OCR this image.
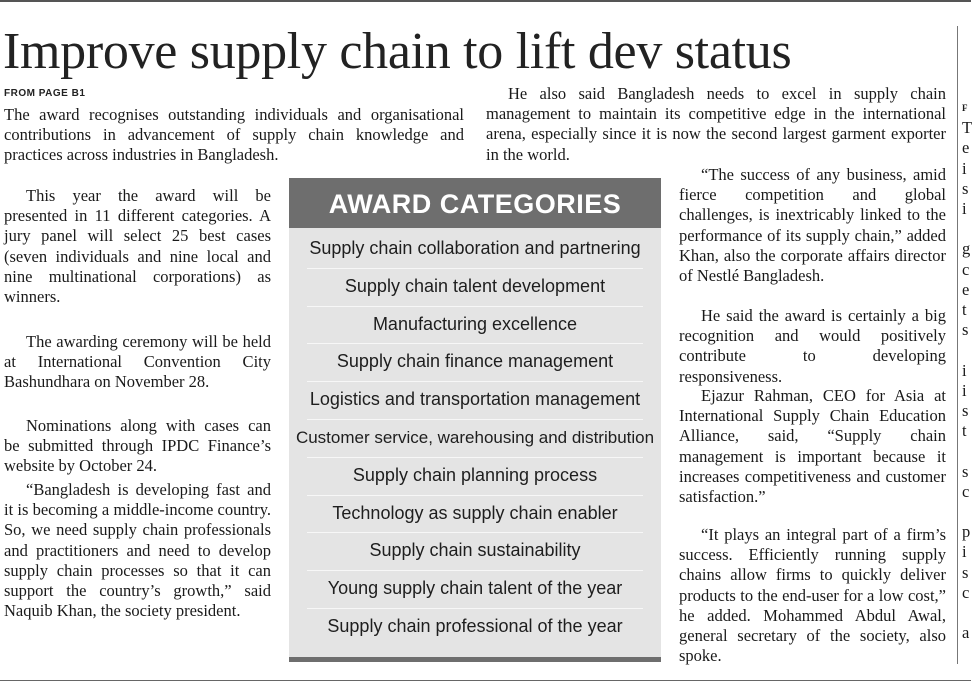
Improve supply chain to lift dev status
FROM PAGE B1

The award recognises outstanding individuals and organisational contributions in advancement of supply chain knowledge and practices across industries in Bangladesh.

This year the award will be presented in 11 different categories. A jury panel will select 25 best cases (seven individuals and nine local and nine multinational corporations) as winners.

The awarding ceremony will be held at International Convention City Bashundhara on November 28.

Nominations along with cases can be submitted through IPDC Finance’s website by October 24.

“Bangladesh is developing fast and it is becoming a middle-income country. So, we need supply chain professionals and practitioners and need to develop supply chain processes so that it can support the country’s growth,” said Naquib Khan, the society president.

He also said Bangladesh needs to excel in supply chain management to maintain its competitive edge in the international arena, especially since it is now the second largest garment exporter in the world.

“The success of any business, amid fierce competition and global challenges, is inextricably linked to the performance of its supply chain,” added Khan, also the corporate affairs director of Nestlé Bangladesh.

He said the award is certainly a big recognition and would positively contribute to developing responsiveness.

Ejazur Rahman, CEO for Asia at International Supply Chain Education Alliance, said, “Supply chain management is important because it increases competitiveness and customer satisfaction.”

“It plays an integral part of a firm’s success. Efficiently running supply chains allow firms to quickly deliver products to the end-user for a low cost,” he added. Mohammed Abdul Awal, general secretary of the society, also spoke.

AWARD CATEGORIES
Supply chain collaboration and partnering
Supply chain talent development
Manufacturing excellence
Supply chain finance management
Logistics and transportation management
Customer service, warehousing and distribution
Supply chain planning process
Technology as supply chain enabler
Supply chain sustainability
Young supply chain talent of the year
Supply chain professional of the year
F
T
e
i
s
i

g
c
e
t
s

i
i
s
t

s
c

p
i
s
c

a
